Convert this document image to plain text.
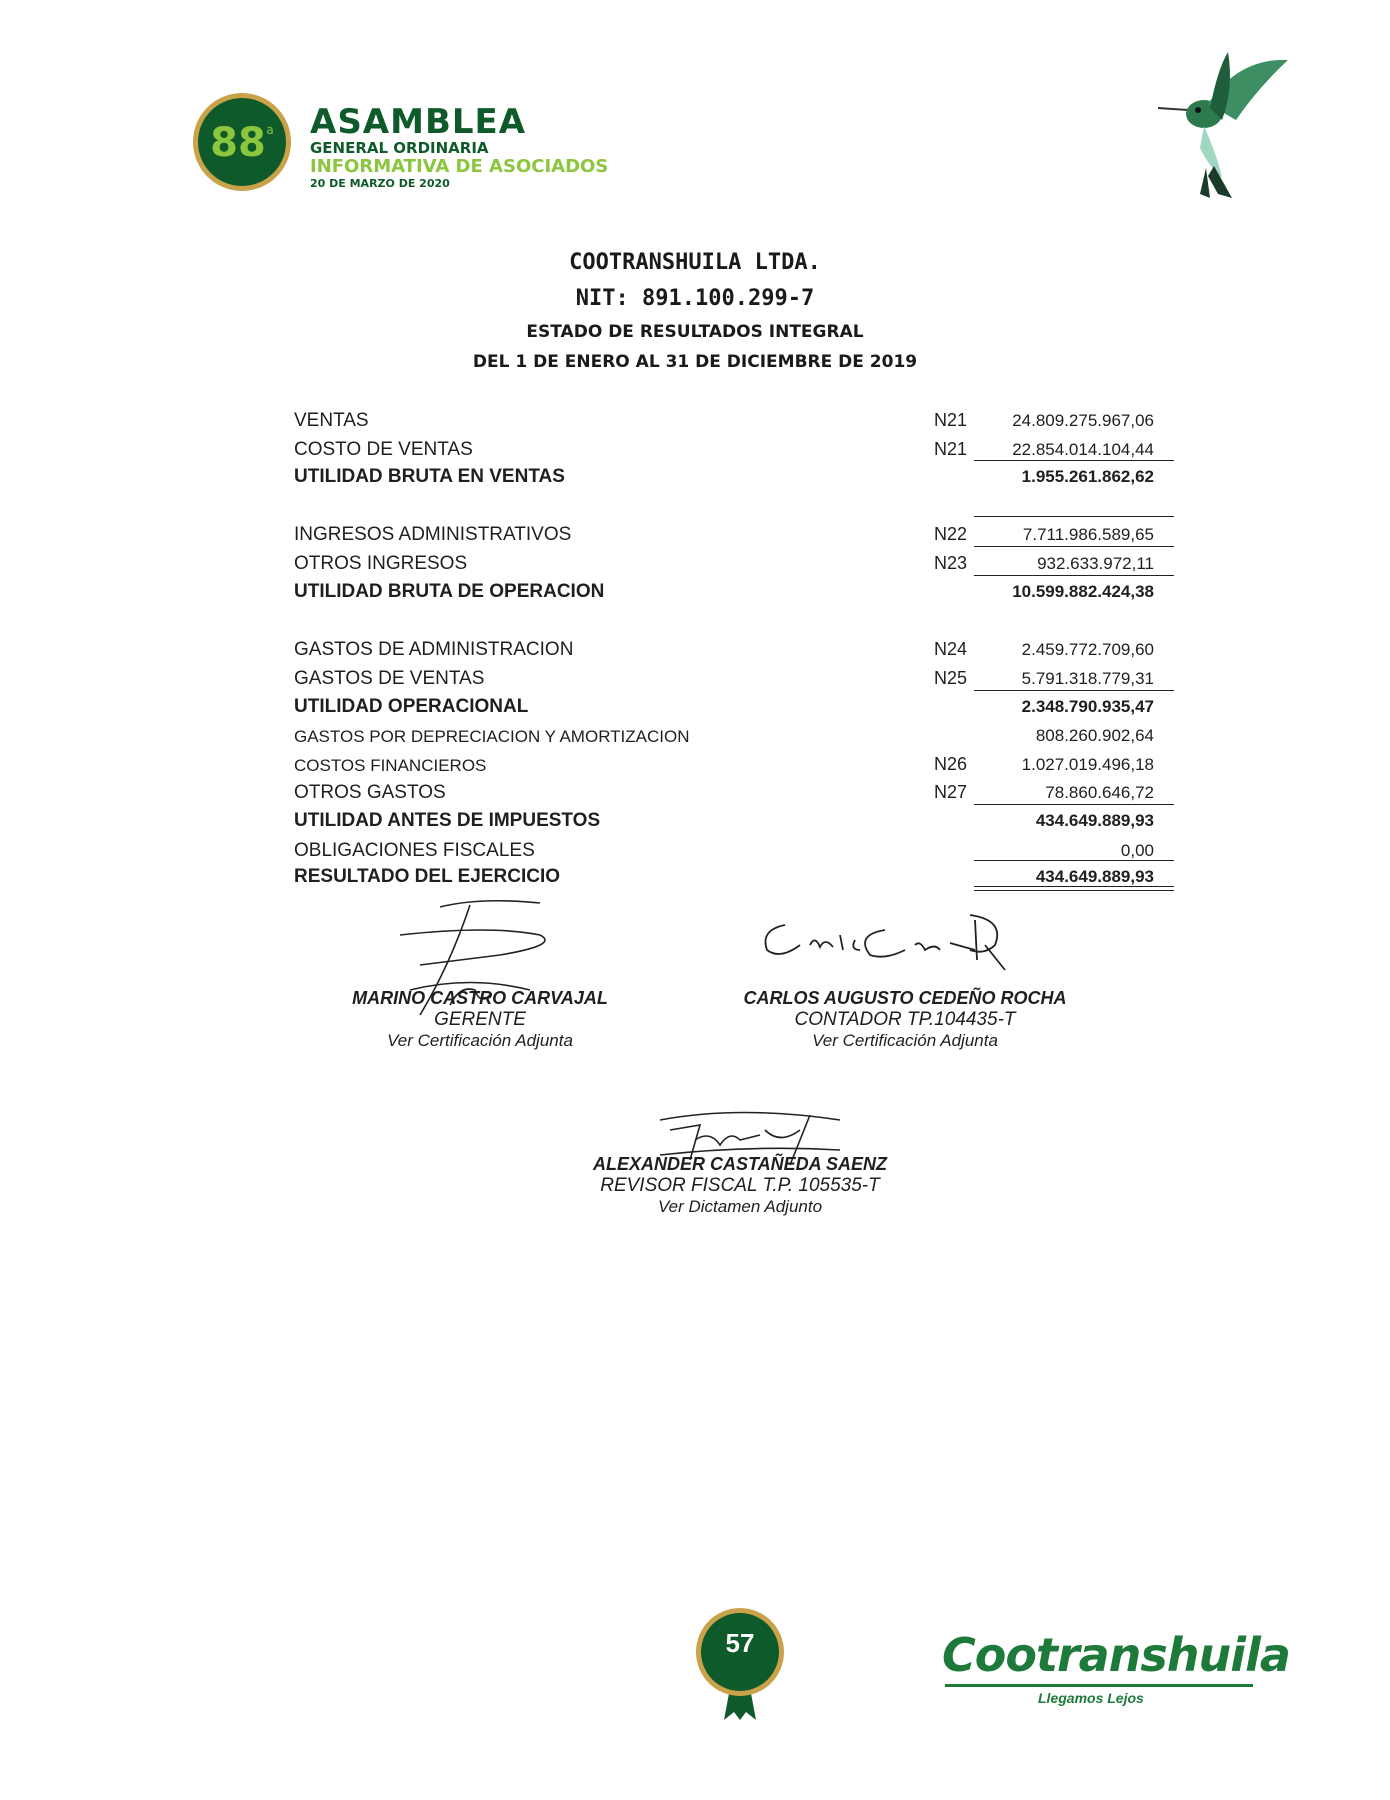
88 a ASAMBLEA
GENERAL ORDINARIA
INFORMATIVA DE ASOCIADOS
20 DE MARZO DE 2020
COOTRANSHUILA LTDA.
NIT: 891.100.299-7
ESTADO DE RESULTADOS INTEGRAL
DEL 1 DE ENERO AL 31 DE DICIEMBRE DE 2019
VENTAS	N21	24.809.275.967,06
COSTO DE VENTAS	N21	22.854.014.104,44
UTILIDAD BRUTA EN VENTAS	1.955.261.862,62
INGRESOS ADMINISTRATIVOS	N22	7.711.986.589,65
OTROS INGRESOS	N23	932.633.972,11
UTILIDAD BRUTA DE OPERACION	10.599.882.424,38
GASTOS DE ADMINISTRACION	N24	2.459.772.709,60
GASTOS DE VENTAS	N25	5.791.318.779,31
UTILIDAD OPERACIONAL	2.348.790.935,47
GASTOS POR DEPRECIACION Y AMORTIZACION	808.260.902,64
COSTOS FINANCIEROS	N26	1.027.019.496,18
OTROS GASTOS	N27	78.860.646,72
UTILIDAD ANTES DE IMPUESTOS	434.649.889,93
OBLIGACIONES FISCALES	0,00
RESULTADO DEL EJERCICIO	434.649.889,93
MARINO CASTRO CARVAJAL
GERENTE
Ver Certificación Adjunta
CARLOS AUGUSTO CEDEÑO ROCHA
CONTADOR TP.104435-T
Ver Certificación Adjunta
ALEXANDER CASTAÑEDA SAENZ
REVISOR FISCAL T.P. 105535-T
Ver Dictamen Adjunto
57	Cootranshuila
Llegamos Lejos
